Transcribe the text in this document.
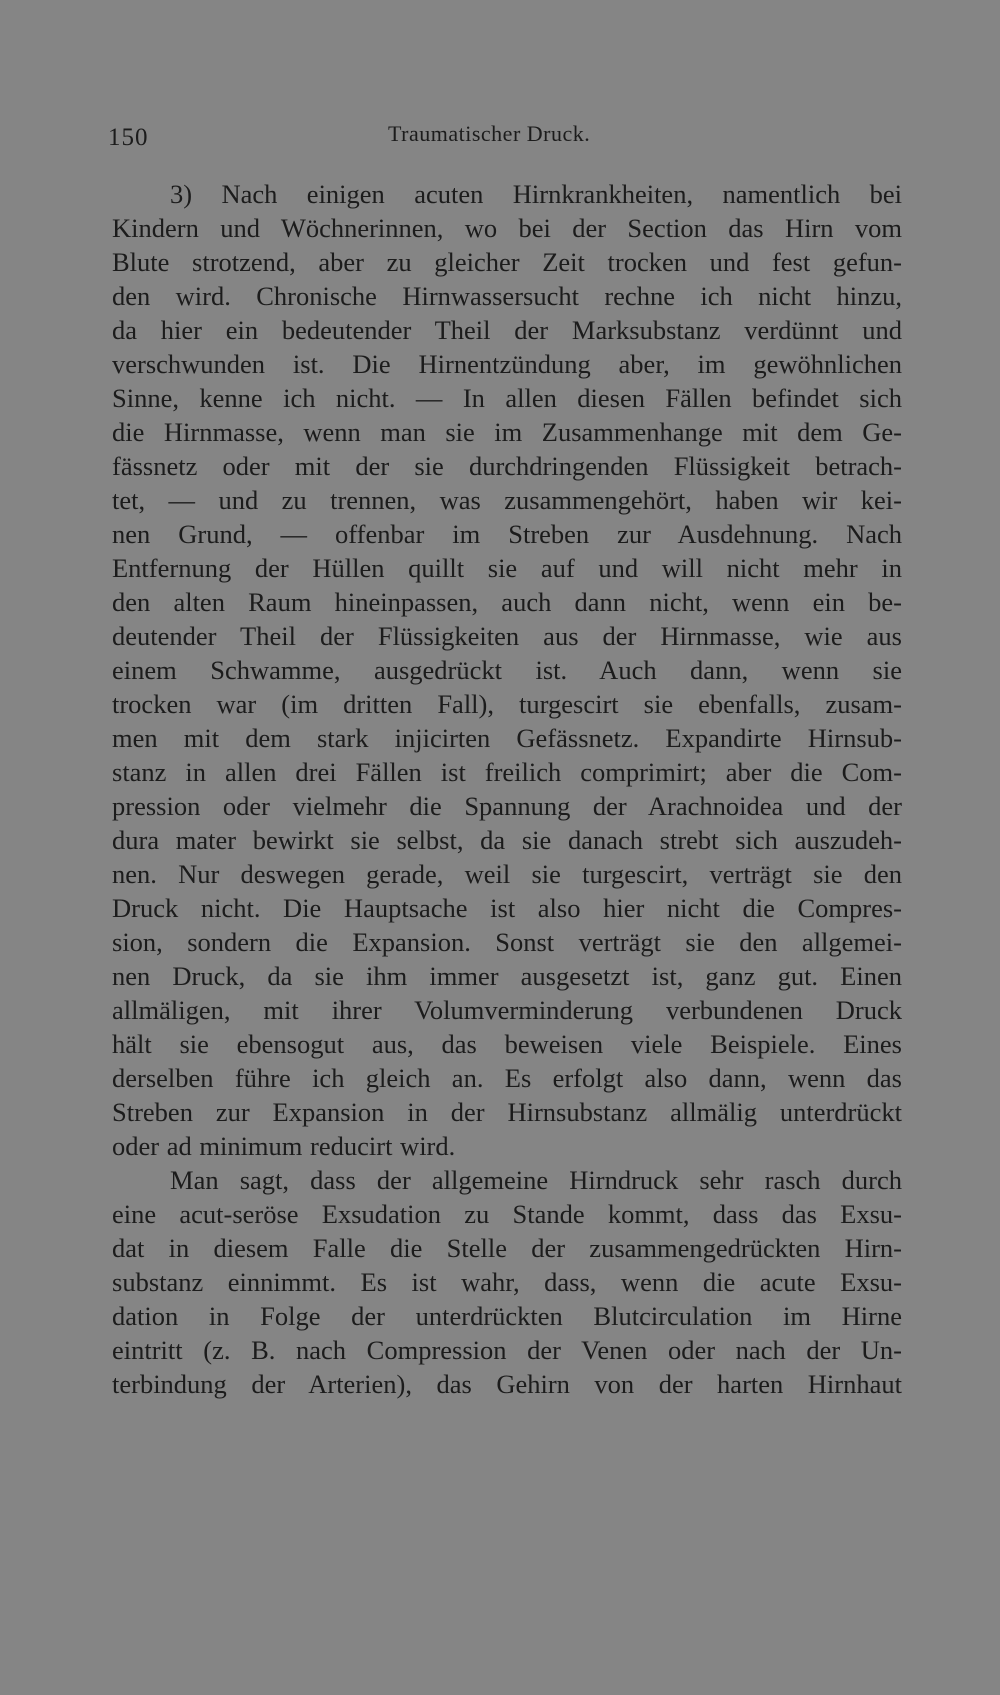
150	Traumatischer Druck.
3) Nach einigen acuten Hirnkrankheiten, namentlich bei
Kindern und Wöchnerinnen, wo bei der Section das Hirn vom
Blute strotzend, aber zu gleicher Zeit trocken und fest gefun-
den wird. Chronische Hirnwassersucht rechne ich nicht hinzu,
da hier ein bedeutender Theil der Marksubstanz verdünnt und
verschwunden ist. Die Hirnentzündung aber, im gewöhnlichen
Sinne, kenne ich nicht. — In allen diesen Fällen befindet sich
die Hirnmasse, wenn man sie im Zusammenhange mit dem Ge-
fässnetz oder mit der sie durchdringenden Flüssigkeit betrach-
tet, — und zu trennen, was zusammengehört, haben wir kei-
nen Grund, — offenbar im Streben zur Ausdehnung. Nach
Entfernung der Hüllen quillt sie auf und will nicht mehr in
den alten Raum hineinpassen, auch dann nicht, wenn ein be-
deutender Theil der Flüssigkeiten aus der Hirnmasse, wie aus
einem Schwamme, ausgedrückt ist. Auch dann, wenn sie
trocken war (im dritten Fall), turgescirt sie ebenfalls, zusam-
men mit dem stark injicirten Gefässnetz. Expandirte Hirnsub-
stanz in allen drei Fällen ist freilich comprimirt; aber die Com-
pression oder vielmehr die Spannung der Arachnoidea und der
dura mater bewirkt sie selbst, da sie danach strebt sich auszudeh-
nen. Nur deswegen gerade, weil sie turgescirt, verträgt sie den
Druck nicht. Die Hauptsache ist also hier nicht die Compres-
sion, sondern die Expansion. Sonst verträgt sie den allgemei-
nen Druck, da sie ihm immer ausgesetzt ist, ganz gut. Einen
allmäligen, mit ihrer Volumverminderung verbundenen Druck
hält sie ebensogut aus, das beweisen viele Beispiele. Eines
derselben führe ich gleich an. Es erfolgt also dann, wenn das
Streben zur Expansion in der Hirnsubstanz allmälig unterdrückt
oder ad minimum reducirt wird.
Man sagt, dass der allgemeine Hirndruck sehr rasch durch
eine acut-seröse Exsudation zu Stande kommt, dass das Exsu-
dat in diesem Falle die Stelle der zusammengedrückten Hirn-
substanz einnimmt. Es ist wahr, dass, wenn die acute Exsu-
dation in Folge der unterdrückten Blutcirculation im Hirne
eintritt (z. B. nach Compression der Venen oder nach der Un-
terbindung der Arterien), das Gehirn von der harten Hirnhaut
